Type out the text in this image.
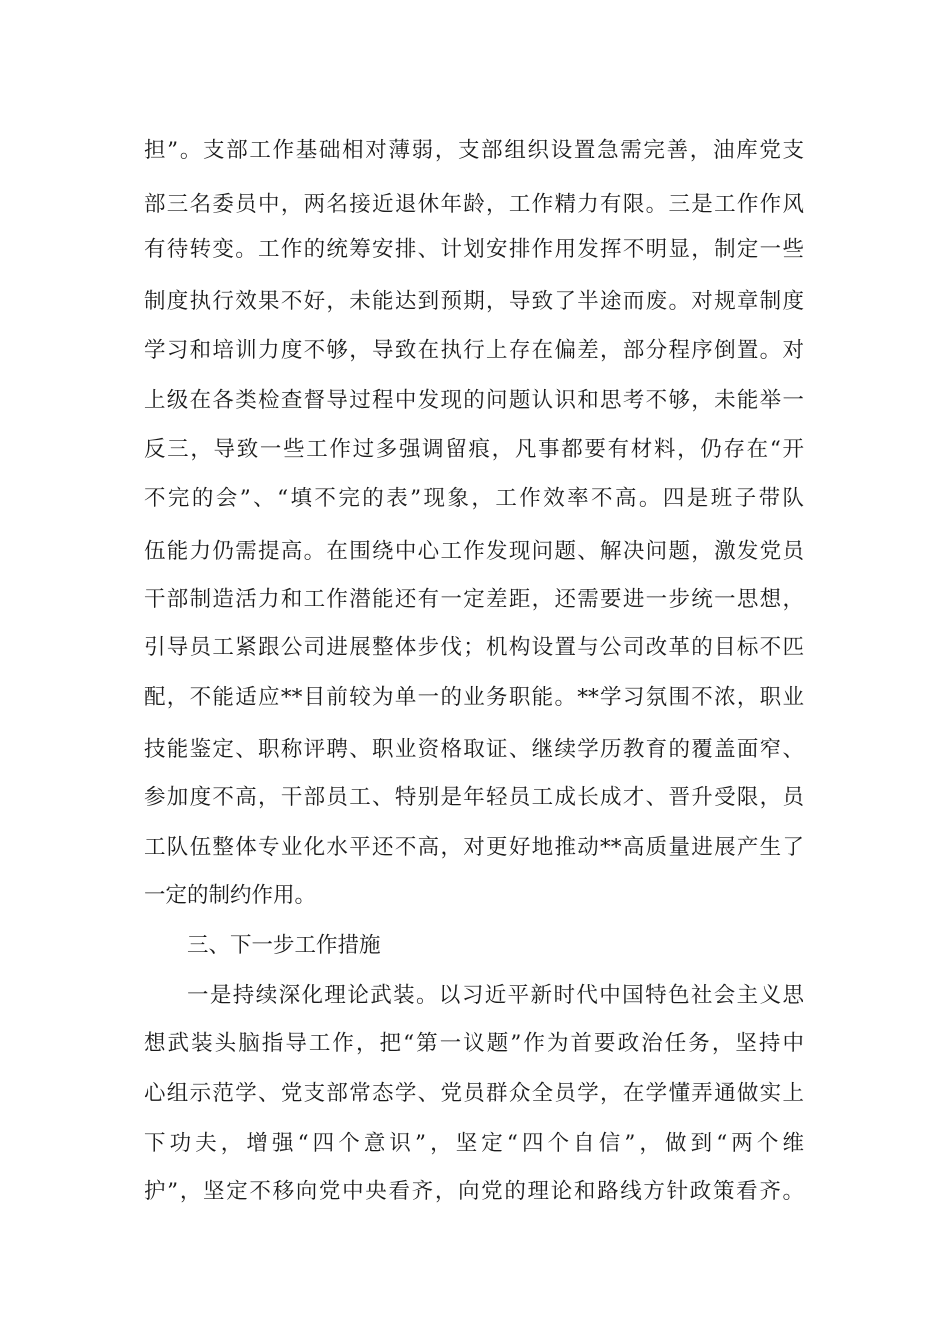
担”。支部工作基础相对薄弱，支部组织设置急需完善，油库党支
部三名委员中，两名接近退休年龄，工作精力有限。三是工作作风
有待转变。工作的统筹安排、计划安排作用发挥不明显，制定一些
制度执行效果不好，未能达到预期，导致了半途而废。对规章制度
学习和培训力度不够，导致在执行上存在偏差，部分程序倒置。对
上级在各类检查督导过程中发现的问题认识和思考不够，未能举一
反三，导致一些工作过多强调留痕，凡事都要有材料，仍存在“开
不完的会”、“填不完的表”现象，工作效率不高。四是班子带队
伍能力仍需提高。在围绕中心工作发现问题、解决问题，激发党员
干部制造活力和工作潜能还有一定差距，还需要进一步统一思想，
引导员工紧跟公司进展整体步伐；机构设置与公司改革的目标不匹
配，不能适应**目前较为单一的业务职能。**学习氛围不浓，职业
技能鉴定、职称评聘、职业资格取证、继续学历教育的覆盖面窄、
参加度不高，干部员工、特别是年轻员工成长成才、晋升受限，员
工队伍整体专业化水平还不高，对更好地推动**高质量进展产生了
一定的制约作用。
三、下一步工作措施
一是持续深化理论武装。以习近平新时代中国特色社会主义思
想武装头脑指导工作，把“第一议题”作为首要政治任务，坚持中
心组示范学、党支部常态学、党员群众全员学，在学懂弄通做实上
下功夫，增强“四个意识”，坚定“四个自信”，做到“两个维
护”，坚定不移向党中央看齐，向党的理论和路线方针政策看齐。
